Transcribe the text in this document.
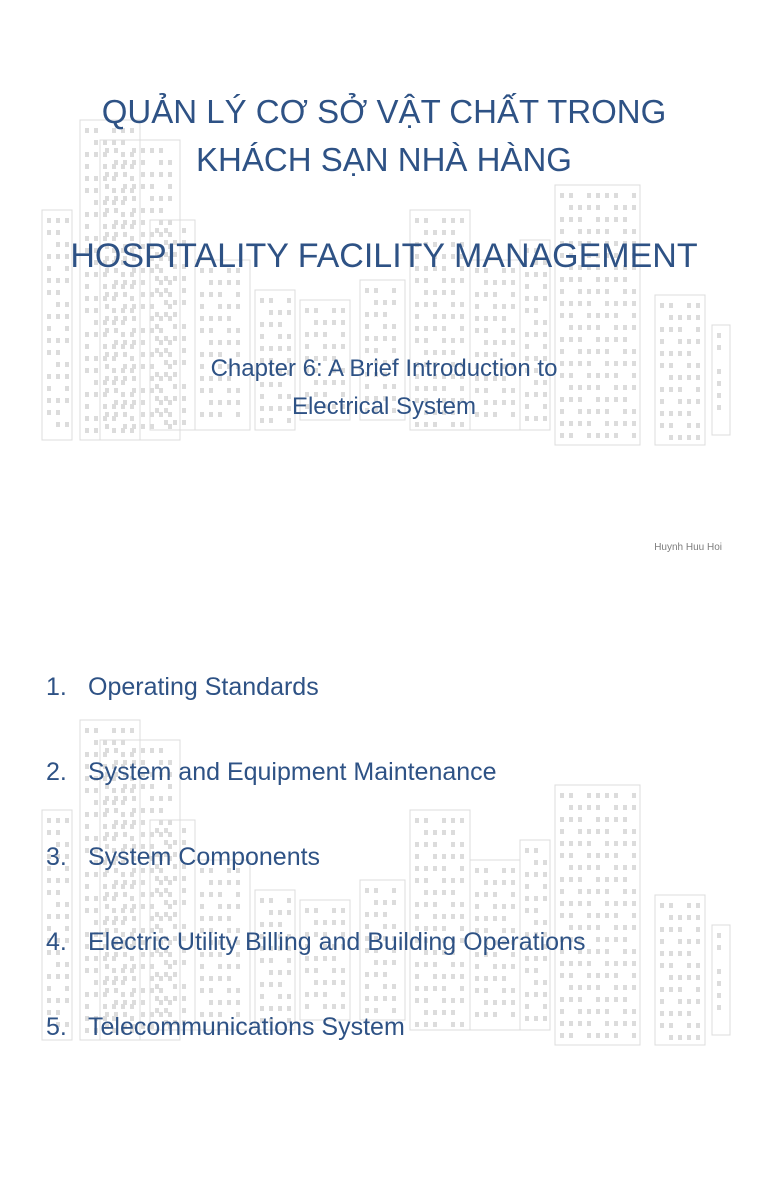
QUẢN LÝ CƠ SỞ VẬT CHẤT TRONG
KHÁCH SẠN NHÀ HÀNG
HOSPITALITY FACILITY MANAGEMENT
Chapter 6: A Brief Introduction to
Electrical System
Huynh Huu Hoi
1. Operating Standards
2. System and Equipment Maintenance
3. System Components
4. Electric Utility Billing and Building Operations
5. Telecommunications System
